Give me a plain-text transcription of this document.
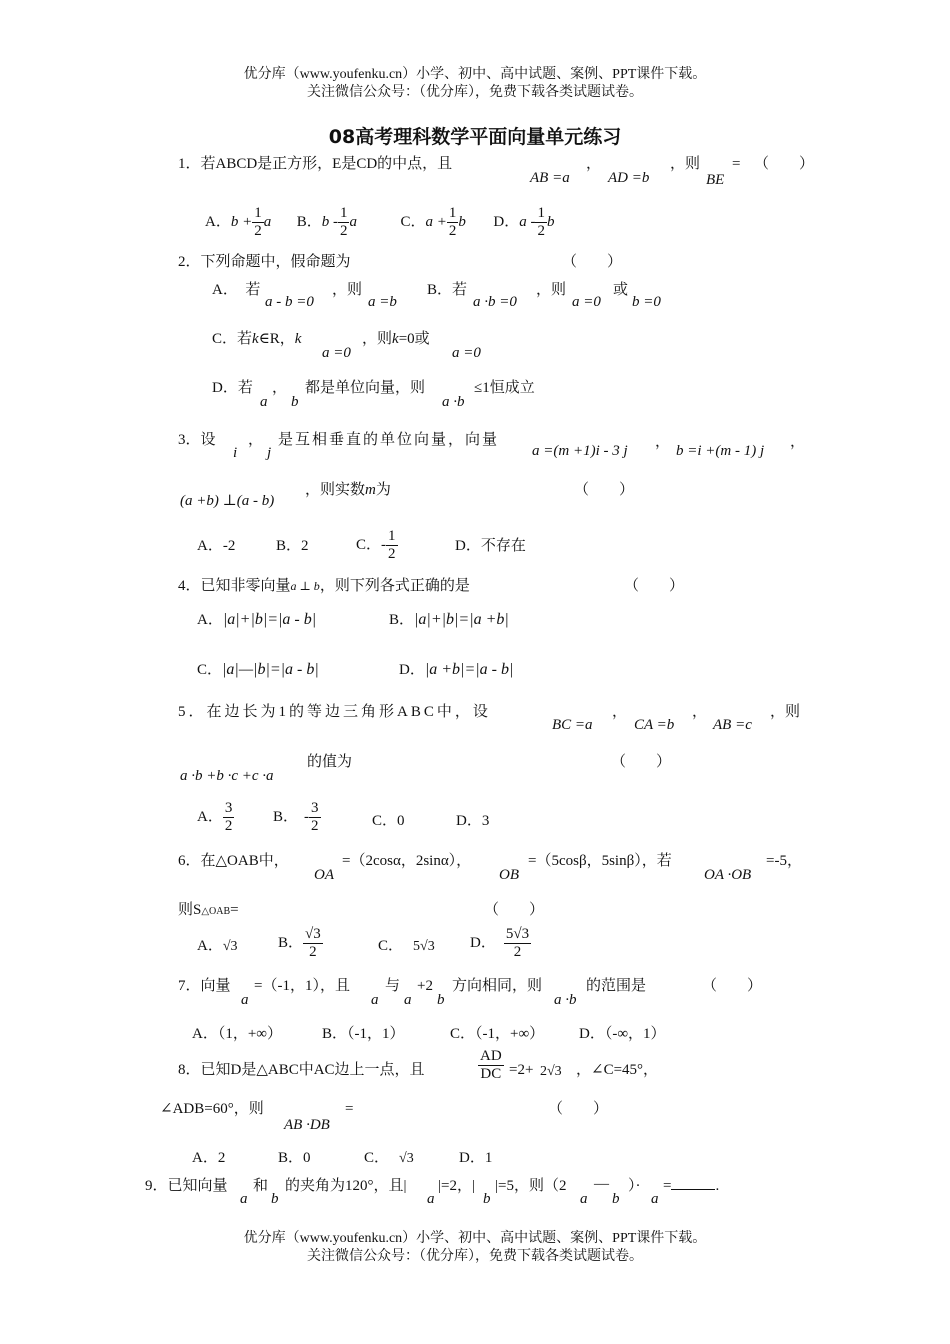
优分库（www.youfenku.cn）小学、初中、高中试题、案例、PPT课件下载。
关注微信公众号：（优分库），免费下载各类试题试卷。
08高考理科数学平面向量单元练习
1．若ABCD是正方形，E是CD的中点，且
AB =a
，
AD =b
，则
BE
= （　　）
A．$b + \frac{1}{2}$ a B．b - $\frac{1}{2}$ a	C．$a + \frac{1}{2}$ b D．a - $\frac{1}{2}$ b
2．下列命题中，假命题为	（　　）
A．　若
a - b =0
，则
a =b
B．若
a ·b =0
，则
a =0
或
b =0
C．若k∈R，k
a =0
，则k=0或
a =0
D．若
a
，
b
都是单位向量，则
a ·b
≤1恒成立
3．设
i
，
j
是互相垂直的单位向量，向量
a =(m +1)i - 3 j
，
b =i +(m - 1) j
，
(a +b) ⊥(a - b)
，则实数m为	（　　）
A．-2	B．2	C．- $\frac{1}{2}$	D．不存在
4．已知非零向量a ⊥ b，则下列各式正确的是	（　　）
A．|a|+|b|=|a - b|	B．|a|+|b|=|a +b|
C．|a|—|b|=|a - b|	D．|a +b|=|a - b|
5．在边长为1的等边三角形ABC中，设
BC =a
，
CA =b
，
AB =c
，则
a ·b +b ·c +c ·a
的值为	（　　）
A． $\frac{3}{2}$	B． - $\frac{3}{2}$	C．0	D．3
6．在△OAB中，
OA
=（2cosα，2sinα），
OB
=（5cosβ，5sinβ），若
OA ·OB
=-5，
则S△OAB=	（　　）
A．√3	B． $\frac{√3}{2}$	C． 5√3 D． $\frac{5√3}{2}$
7．向量
a
=（-1，1），且
a
与
a
+2
b
方向相同，则
a ·b
的范围是	（　　）
A．（1，+∞）	B．（-1，1）	C．（-1，+∞） D．（-∞，1）
8．已知D是△ABC中AC边上一点，且	$\frac{AD}{DC} =2+ 2√3$ ，∠C=45°，
∠ADB=60°，则
AB ·DB
=	（　　）
A．2	B．0	C． √3	D．1
9．已知向量
a
和
b
的夹角为120°，且|
a
|=2，|
b
|=5，则（2
a
—
b
）·
a
=	.
优分库（www.youfenku.cn）小学、初中、高中试题、案例、PPT课件下载。
关注微信公众号：（优分库），免费下载各类试题试卷。
